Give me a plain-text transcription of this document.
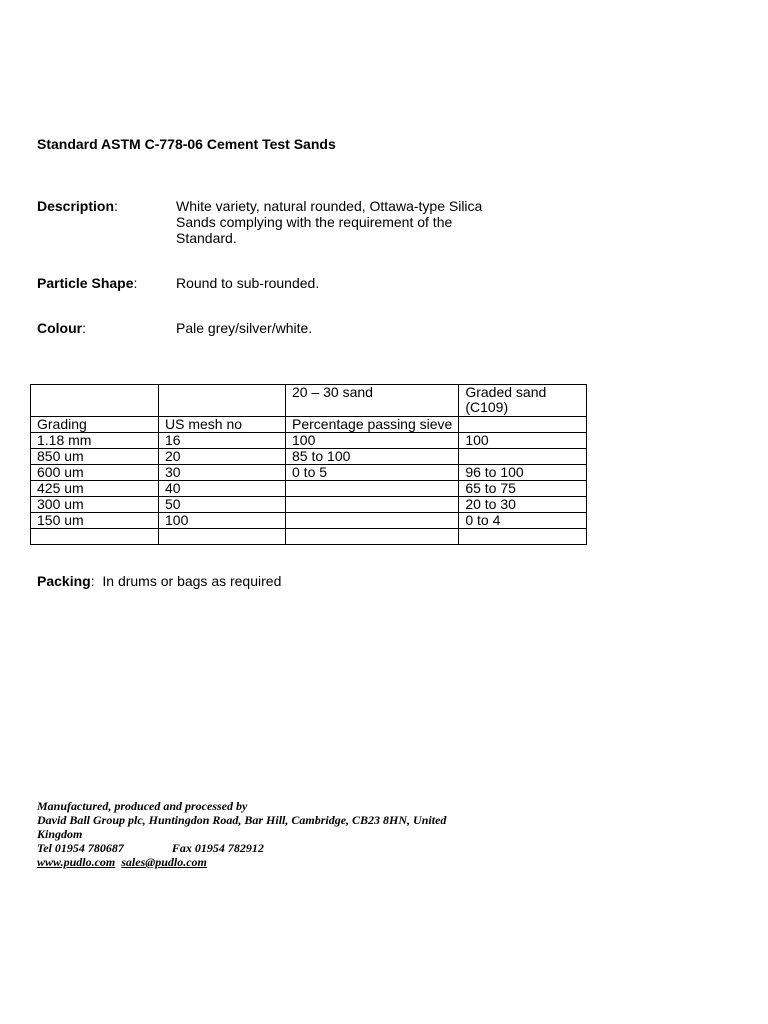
Standard ASTM C-778-06 Cement Test Sands
Description:	White variety, natural rounded, Ottawa-type Silica Sands complying with the requirement of the Standard.
Particle Shape:	Round to sub-rounded.
Colour:	Pale grey/silver/white.
		20 – 30 sand	Graded sand (C109)
Grading	US mesh no	Percentage passing sieve	
1.18 mm	16	100	100
850 um	20	85 to 100	
600 um	30	0 to 5	96 to 100
425 um	40		65 to 75
300 um	50		20 to 30
150 um	100		0 to 4

Packing:  In drums or bags as required
Manufactured, produced and processed by
David Ball Group plc, Huntingdon Road, Bar Hill, Cambridge, CB23 8HN, United Kingdom
Tel 01954 780687	Fax 01954 782912
www.pudlo.com sales@pudlo.com
